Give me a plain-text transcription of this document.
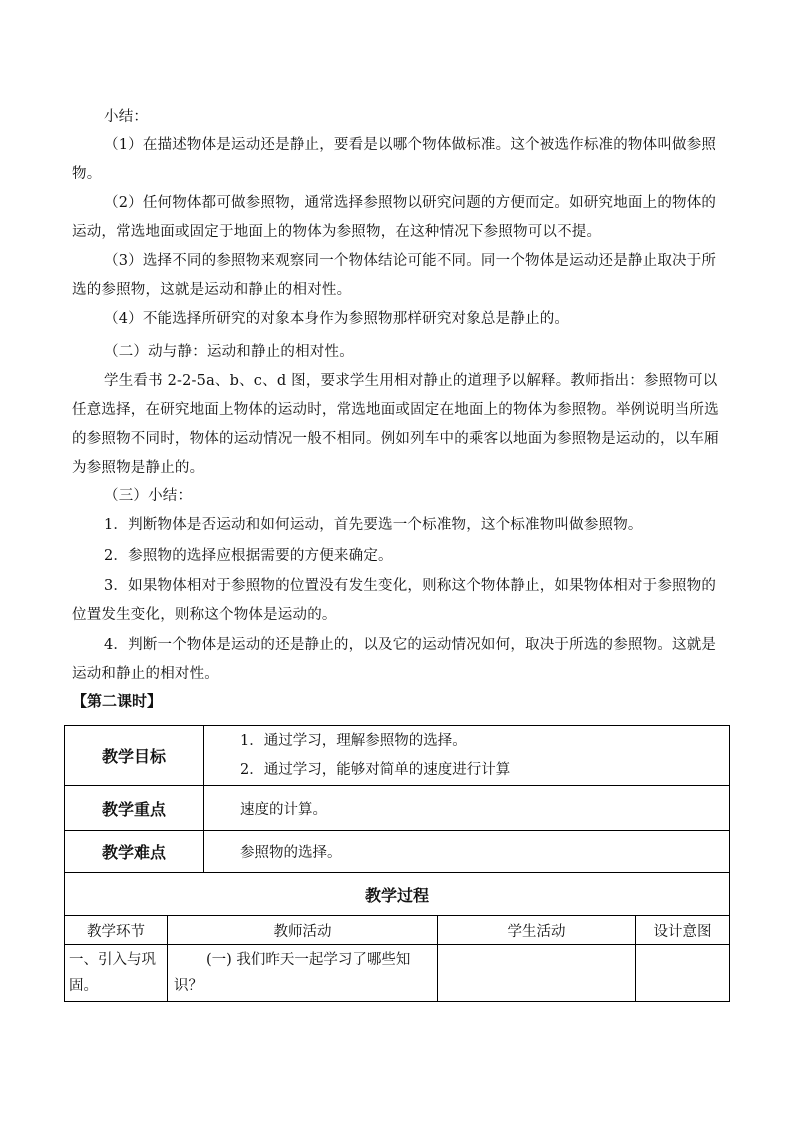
小结：

（1）在描述物体是运动还是静止，要看是以哪个物体做标准。这个被选作标准的物体叫做参照物。

（2）任何物体都可做参照物，通常选择参照物以研究问题的方便而定。如研究地面上的物体的运动，常选地面或固定于地面上的物体为参照物，在这种情况下参照物可以不提。

（3）选择不同的参照物来观察同一个物体结论可能不同。同一个物体是运动还是静止取决于所选的参照物，这就是运动和静止的相对性。

（4）不能选择所研究的对象本身作为参照物那样研究对象总是静止的。

（二）动与静：运动和静止的相对性。

学生看书 2-2-5a、b、c、d 图，要求学生用相对静止的道理予以解释。教师指出：参照物可以任意选择，在研究地面上物体的运动时，常选地面或固定在地面上的物体为参照物。举例说明当所选的参照物不同时，物体的运动情况一般不相同。例如列车中的乘客以地面为参照物是运动的，以车厢为参照物是静止的。

（三）小结：

1．判断物体是否运动和如何运动，首先要选一个标准物，这个标准物叫做参照物。

2．参照物的选择应根据需要的方便来确定。

3．如果物体相对于参照物的位置没有发生变化，则称这个物体静止，如果物体相对于参照物的位置发生变化，则称这个物体是运动的。

4．判断一个物体是运动的还是静止的，以及它的运动情况如何，取决于所选的参照物。这就是运动和静止的相对性。

【第二课时】

教学目标		1．通过学习，理解参照物的选择。
2．通过学习，能够对简单的速度进行计算		

教学重点		速度的计算。		
教学难点		参照物的选择。		
教学过程				
教学环节	教师活动		学生活动	设计意图
一、引入与巩固。	(一) 我们昨天一起学习了哪些知识？			
